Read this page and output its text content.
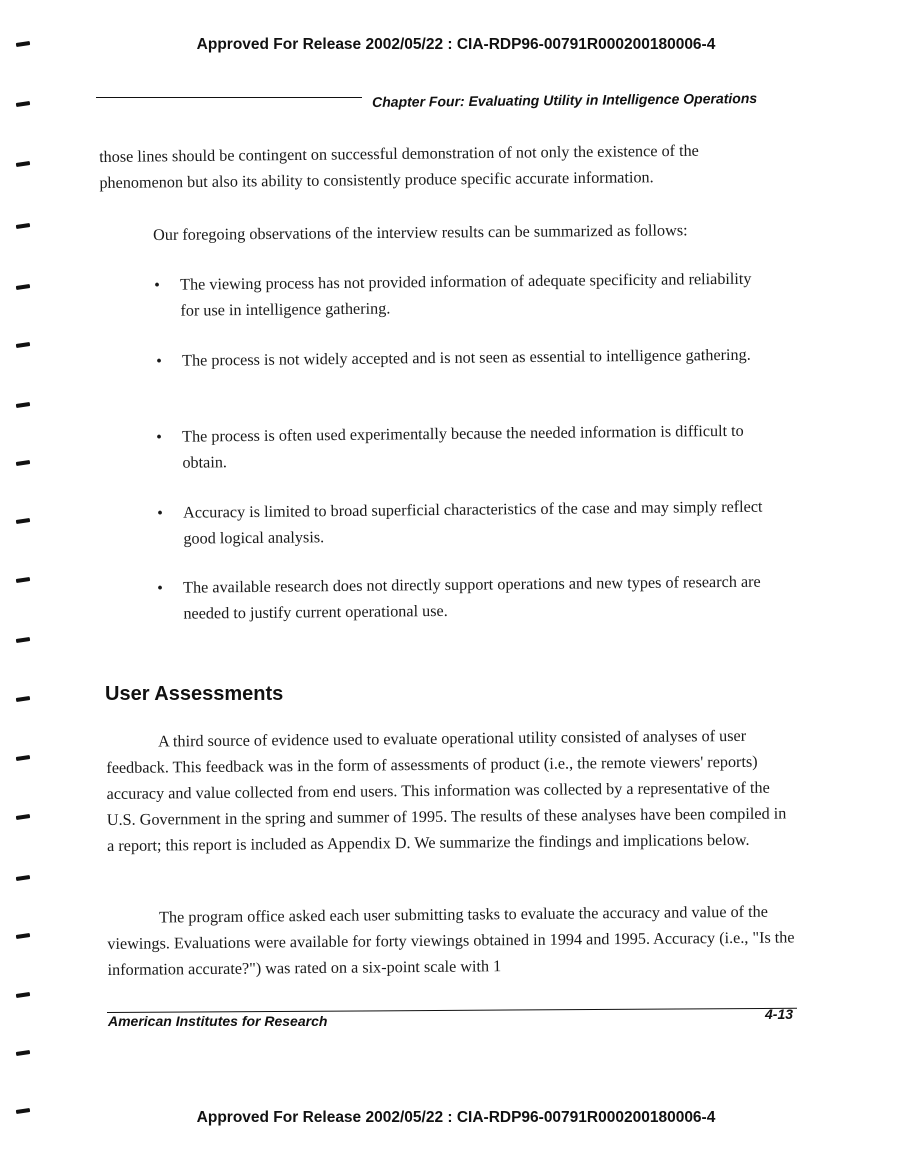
Approved For Release 2002/05/22 : CIA-RDP96-00791R000200180006-4
Chapter Four: Evaluating Utility in Intelligence Operations

those lines should be contingent on successful demonstration of not only the existence of the phenomenon but also its ability to consistently produce specific accurate information.

Our foregoing observations of the interview results can be summarized as follows:

• The viewing process has not provided information of adequate specificity and reliability for use in intelligence gathering.
• The process is not widely accepted and is not seen as essential to intelligence gathering.
• The process is often used experimentally because the needed information is difficult to obtain.
• Accuracy is limited to broad superficial characteristics of the case and may simply reflect good logical analysis.
• The available research does not directly support operations and new types of research are needed to justify current operational use.
User Assessments

A third source of evidence used to evaluate operational utility consisted of analyses of user feedback. This feedback was in the form of assessments of product (i.e., the remote viewers' reports) accuracy and value collected from end users. This information was collected by a representative of the U.S. Government in the spring and summer of 1995. The results of these analyses have been compiled in a report; this report is included as Appendix D. We summarize the findings and implications below.

The program office asked each user submitting tasks to evaluate the accuracy and value of the viewings. Evaluations were available for forty viewings obtained in 1994 and 1995. Accuracy (i.e., "Is the information accurate?") was rated on a six-point scale with 1

American Institutes for Research	4-13
Approved For Release 2002/05/22 : CIA-RDP96-00791R000200180006-4
